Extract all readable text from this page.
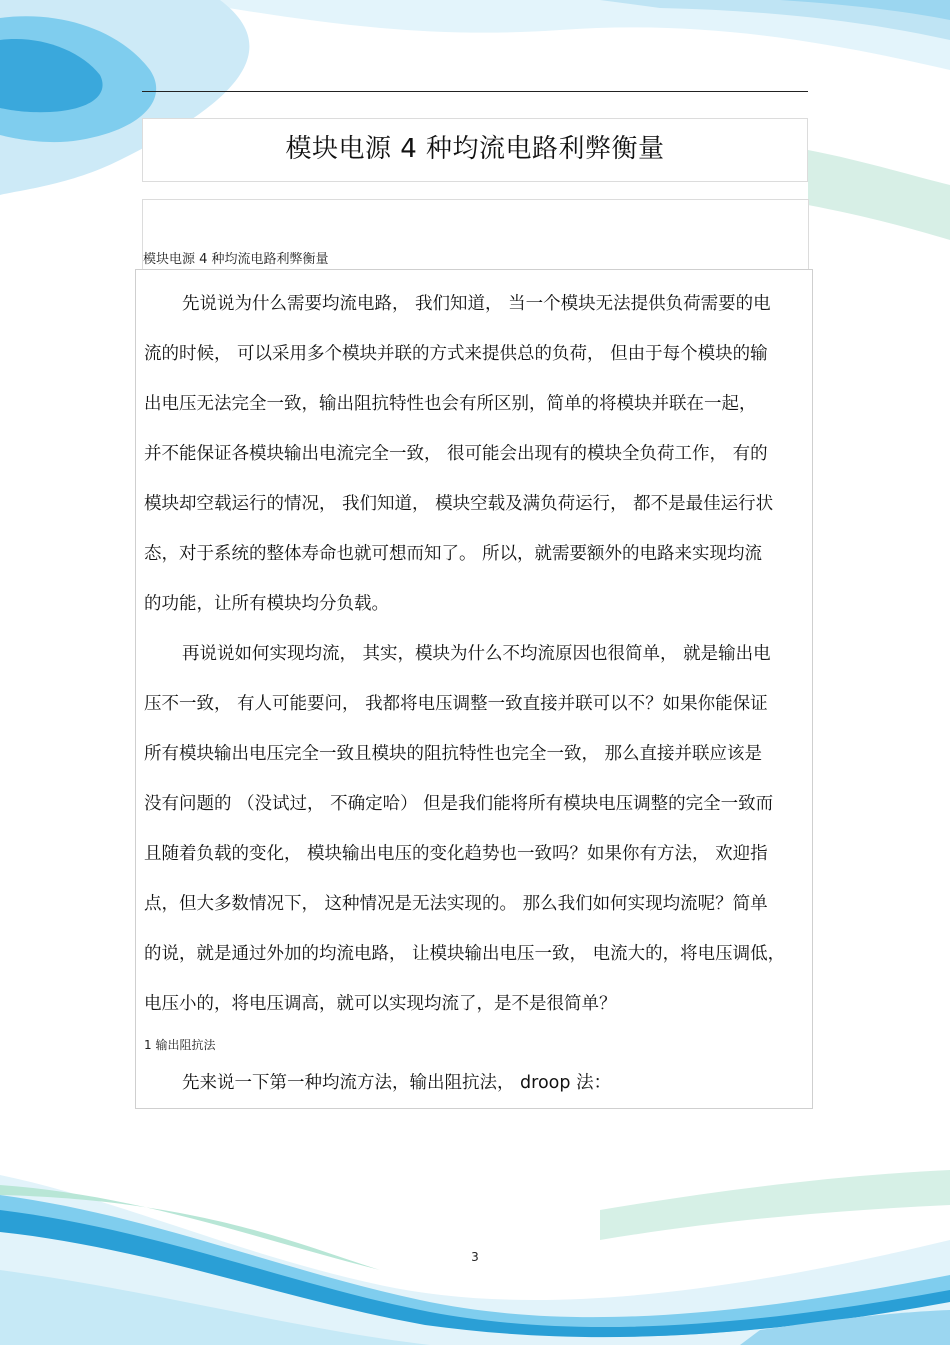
模块电源 4 种均流电路利弊衡量

模块电源 4 种均流电路利弊衡量

先说说为什么需要均流电路， 我们知道， 当一个模块无法提供负荷需要的电
流的时候， 可以采用多个模块并联的方式来提供总的负荷， 但由于每个模块的输
出电压无法完全一致，输出阻抗特性也会有所区别，简单的将模块并联在一起，
并不能保证各模块输出电流完全一致， 很可能会出现有的模块全负荷工作， 有的
模块却空载运行的情况， 我们知道， 模块空载及满负荷运行， 都不是最佳运行状
态，对于系统的整体寿命也就可想而知了。 所以，就需要额外的电路来实现均流
的功能，让所有模块均分负载。
再说说如何实现均流， 其实，模块为什么不均流原因也很简单， 就是输出电
压不一致， 有人可能要问， 我都将电压调整一致直接并联可以不？如果你能保证
所有模块输出电压完全一致且模块的阻抗特性也完全一致， 那么直接并联应该是
没有问题的 （没试过， 不确定哈） 但是我们能将所有模块电压调整的完全一致而
且随着负载的变化， 模块输出电压的变化趋势也一致吗？如果你有方法， 欢迎指
点，但大多数情况下， 这种情况是无法实现的。 那么我们如何实现均流呢？简单
的说，就是通过外加的均流电路， 让模块输出电压一致， 电流大的，将电压调低，
电压小的，将电压调高，就可以实现均流了，是不是很简单？

1 输出阻抗法

先来说一下第一种均流方法，输出阻抗法， droop 法：
3
